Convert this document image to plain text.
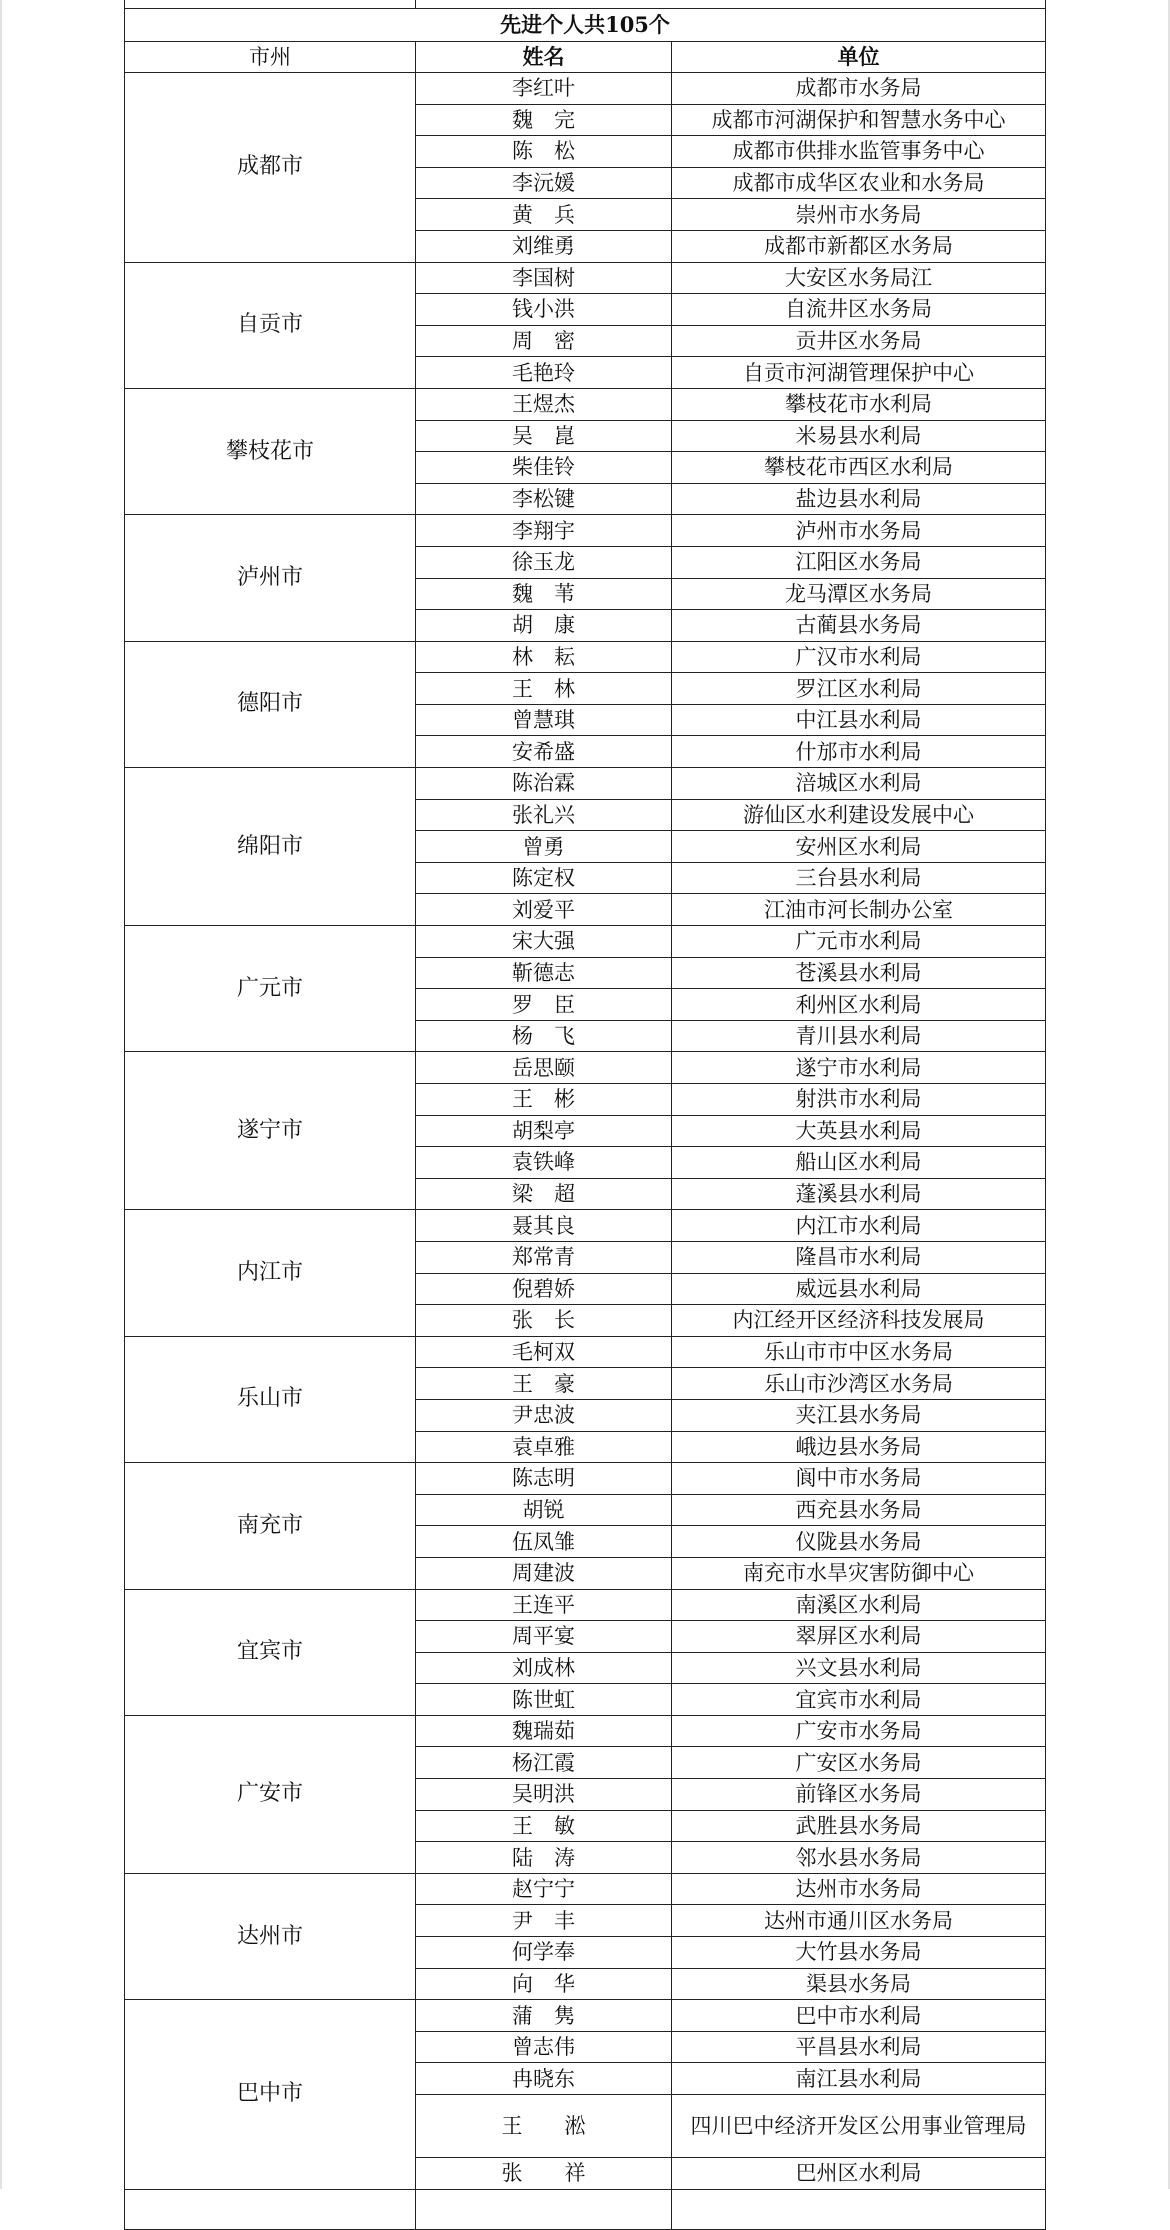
先进个人共105个		
市州	姓名	单位
成都市	李红叶	成都市水务局
	魏　完	成都市河湖保护和智慧水务中心
	陈　松	成都市供排水监管事务中心
	李沅媛	成都市成华区农业和水务局
	黄　兵	崇州市水务局
	刘维勇	成都市新都区水务局
自贡市	李国树	大安区水务局江
	钱小洪	自流井区水务局
	周　密	贡井区水务局
	毛艳玲	自贡市河湖管理保护中心
攀枝花市	王煜杰	攀枝花市水利局
	吴　崑	米易县水利局
	柴佳铃	攀枝花市西区水利局
	李松键	盐边县水利局
泸州市	李翔宇	泸州市水务局
	徐玉龙	江阳区水务局
	魏　苇	龙马潭区水务局
	胡　康	古蔺县水务局
德阳市	林　耘	广汉市水利局
	王　林	罗江区水利局
	曾慧琪	中江县水利局
	安希盛	什邡市水利局
绵阳市	陈治霖	涪城区水利局
	张礼兴	游仙区水利建设发展中心
	曾勇	安州区水利局
	陈定权	三台县水利局
	刘爱平	江油市河长制办公室
广元市	宋大强	广元市水利局
	靳德志	苍溪县水利局
	罗　臣	利州区水利局
	杨　飞	青川县水利局
遂宁市	岳思颐	遂宁市水利局
	王　彬	射洪市水利局
	胡梨亭	大英县水利局
	袁铁峰	船山区水利局
	梁　超	蓬溪县水利局
内江市	聂其良	内江市水利局
	郑常青	隆昌市水利局
	倪碧娇	威远县水利局
	张　长	内江经开区经济科技发展局
乐山市	毛柯双	乐山市市中区水务局
	王　豪	乐山市沙湾区水务局
	尹忠波	夹江县水务局
	袁卓雅	峨边县水务局
南充市	陈志明	阆中市水务局
	胡锐	西充县水务局
	伍凤雏	仪陇县水务局
	周建波	南充市水旱灾害防御中心
宜宾市	王连平	南溪区水利局
	周平宴	翠屏区水利局
	刘成林	兴文县水利局
	陈世虹	宜宾市水利局
广安市	魏瑞茹	广安市水务局
	杨江霞	广安区水务局
	吴明洪	前锋区水务局
	王　敏	武胜县水务局
	陆　涛	邻水县水务局
达州市	赵宁宁	达州市水务局
	尹　丰	达州市通川区水务局
	何学奉	大竹县水务局
	向　华	渠县水务局
巴中市	蒲　隽	巴中市水利局
	曾志伟	平昌县水利局
	冉晓东	南江县水利局
	王　　淞	四川巴中经济开发区公用事业管理局
	张　　祥	巴州区水利局
